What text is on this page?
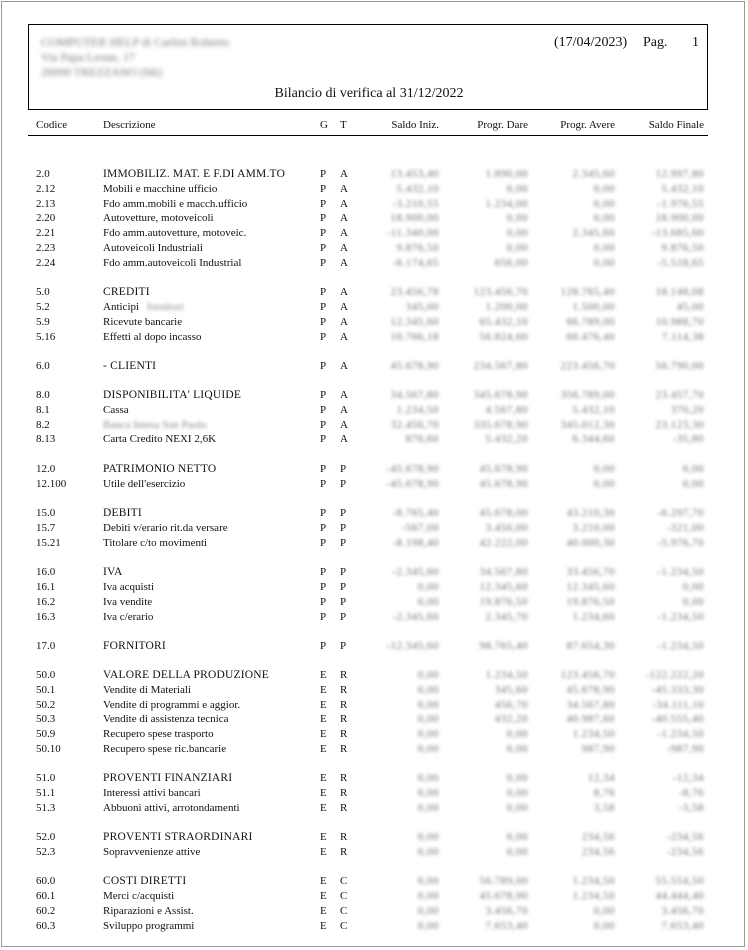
COMPUTER HELP di Carlini Roberto
Via Papa Leone, 17
20090 TREZZANO (Mi)
(17/04/2023) Pag. 1
Bilancio di verifica al 31/12/2022
Codice	Descrizione	G T	Saldo Iniz.	Progr. Dare	Progr. Avere	Saldo Finale
2.0	IMMOBILIZ. MAT. E F.DI AMM.TO	P A	13.453,40	1.890,00	2.345,60	12.997,80
2.12	Mobili e macchine ufficio	P A	5.432,10	0,00	0,00	5.432,10
2.13	Fdo amm.mobili e macch.ufficio	P A	-3.210,55	1.234,00	0,00	-1.976,55
2.20	Autovetture, motoveicoli	P A	18.900,00	0,00	0,00	18.900,00
2.21	Fdo amm.autovetture, motoveic.	P A	-11.340,00	0,00	2.345,60	-13.685,60
2.23	Autoveicoli Industriali	P A	9.876,50	0,00	0,00	9.876,50
2.24	Fdo amm.autoveicoli Industrial	P A	-6.174,65	656,00	0,00	-5.518,65
5.0	CREDITI	P A	23.456,78	123.456,70	128.765,40	18.148,08
5.2	Anticipi fornitori	P A	345,00	1.200,00	1.500,00	45,00
5.9	Ricevute bancarie	P A	12.345,60	65.432,10	66.789,00	10.988,70
5.16	Effetti al dopo incasso	P A	10.766,18	56.824,60	60.476,40	7.114,38
6.0	- CLIENTI	P A	45.678,90	234.567,80	223.456,70	56.790,00
8.0	DISPONIBILITA' LIQUIDE	P A	34.567,80	345.678,90	356.789,00	23.457,70
8.1	Cassa	P A	1.234,50	4.567,80	5.432,10	370,20
8.2	Banca Intesa San Paolo	P A	32.456,70	335.678,90	345.012,30	23.123,30
8.13	Carta Credito NEXI 2,6K	P A	876,60	5.432,20	6.344,60	-35,80
12.0	PATRIMONIO NETTO	P P	-45.678,90	45.678,90	0,00	0,00
12.100	Utile dell'esercizio	P P	-45.678,90	45.678,90	0,00	0,00
15.0	DEBITI	P P	-8.765,40	45.678,00	43.210,30	-6.297,70
15.7	Debiti v/erario rit.da versare	P P	-567,00	3.456,00	3.210,00	-321,00
15.21	Titolare c/to movimenti	P P	-8.198,40	42.222,00	40.000,30	-5.976,70
16.0	IVA	P P	-2.345,60	34.567,80	33.456,70	-1.234,50
16.1	Iva acquisti	P P	0,00	12.345,60	12.345,60	0,00
16.2	Iva vendite	P P	0,00	19.876,50	19.876,50	0,00
16.3	Iva c/erario	P P	-2.345,60	2.345,70	1.234,60	-1.234,50
17.0	FORNITORI	P P	-12.345,60	98.765,40	87.654,30	-1.234,50
50.0	VALORE DELLA PRODUZIONE	E R	0,00	1.234,50	123.456,70	-122.222,20
50.1	Vendite di Materiali	E R	0,00	345,60	45.678,90	-45.333,30
50.2	Vendite di programmi e aggior.	E R	0,00	456,70	34.567,80	-34.111,10
50.3	Vendite di assistenza tecnica	E R	0,00	432,20	40.987,60	-40.555,40
50.9	Recupero spese trasporto	E R	0,00	0,00	1.234,50	-1.234,50
50.10	Recupero spese ric.bancarie	E R	0,00	0,00	987,90	-987,90
51.0	PROVENTI FINANZIARI	E R	0,00	0,00	12,34	-12,34
51.1	Interessi attivi bancari	E R	0,00	0,00	8,76	-8,76
51.3	Abbuoni attivi, arrotondamenti	E R	0,00	0,00	3,58	-3,58
52.0	PROVENTI STRAORDINARI	E R	0,00	0,00	234,56	-234,56
52.3	Sopravvenienze attive	E R	0,00	0,00	234,56	-234,56
60.0	COSTI DIRETTI	E C	0,00	56.789,00	1.234,50	55.554,50
60.1	Merci c/acquisti	E C	0,00	45.678,90	1.234,50	44.444,40
60.2	Riparazioni e Assist.	E C	0,00	3.456,70	0,00	3.456,70
60.3	Sviluppo programmi	E C	0,00	7.653,40	0,00	7.653,40
